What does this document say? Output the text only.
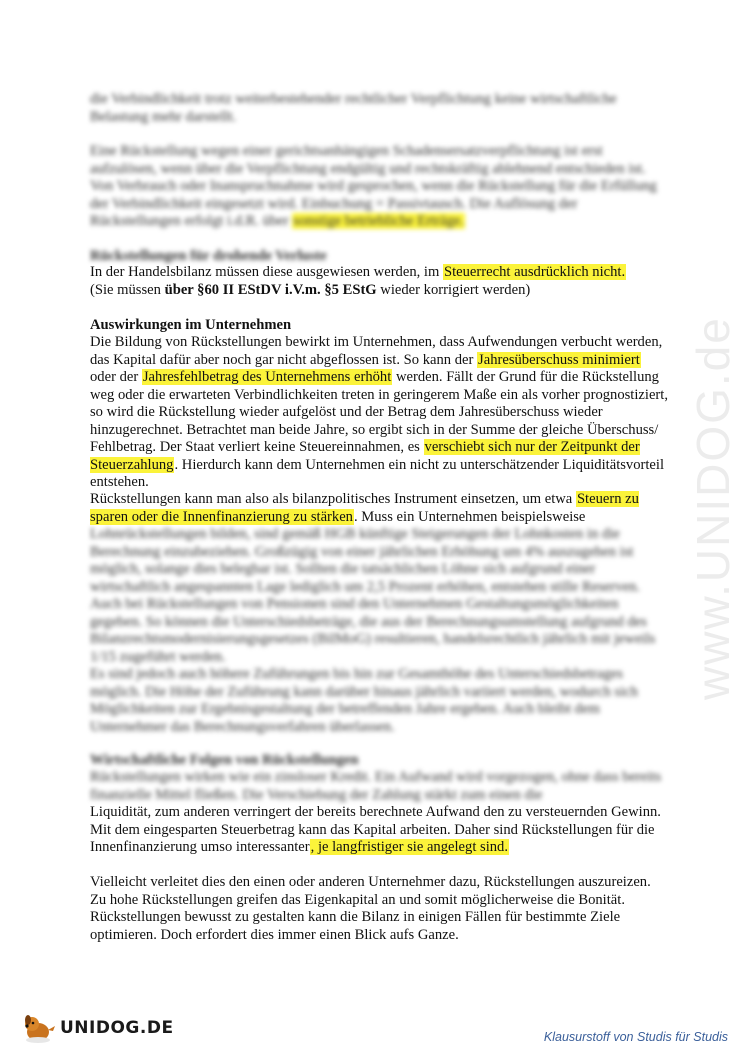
www.UNIDOG.de
die Verbindlichkeit trotz weiterbestehender rechtlicher Verpflichtung keine wirtschaftliche Belastung mehr darstellt.
Eine Rückstellung wegen einer gerichtsanhängigen Schadensersatzverpflichtung ist erst aufzulösen, wenn über die Verpflichtung endgültig und rechtskräftig ablehnend entschieden ist. Von Verbrauch oder Inanspruchnahme wird gesprochen, wenn die Rückstellung für die Erfüllung der Verbindlichkeit eingesetzt wird. Einbuchung = Passivtausch. Die Auflösung der Rückstellungen erfolgt i.d.R. über sonstige betriebliche Erträge.
Rückstellungen für drohende Verluste
In der Handelsbilanz müssen diese ausgewiesen werden, im Steuerrecht ausdrücklich nicht.
(Sie müssen über §60 II EStDV i.V.m. §5 EStG wieder korrigiert werden)
Auswirkungen im Unternehmen
Die Bildung von Rückstellungen bewirkt im Unternehmen, dass Aufwendungen verbucht werden, das Kapital dafür aber noch gar nicht abgeflossen ist. So kann der Jahresüberschuss minimiert oder der Jahresfehlbetrag des Unternehmens erhöht werden. Fällt der Grund für die Rückstellung weg oder die erwarteten Verbindlichkeiten treten in geringerem Maße ein als vorher prognostiziert, so wird die Rückstellung wieder aufgelöst und der Betrag dem Jahresüberschuss wieder hinzugerechnet. Betrachtet man beide Jahre, so ergibt sich in der Summe der gleiche Überschuss/ Fehlbetrag. Der Staat verliert keine Steuereinnahmen, es verschiebt sich nur der Zeitpunkt der Steuerzahlung. Hierdurch kann dem Unternehmen ein nicht zu unterschätzender Liquiditätsvorteil entstehen.
Rückstellungen kann man also als bilanzpolitisches Instrument einsetzen, um etwa Steuern zu sparen oder die Innenfinanzierung zu stärken. Muss ein Unternehmen beispielsweise
Lohnrückstellungen bilden, sind gemäß HGB künftige Steigerungen der Lohnkosten in die Berechnung einzubeziehen. Großzügig von einer jährlichen Erhöhung um 4% auszugehen ist möglich, solange dies belegbar ist. Sollten die tatsächlichen Löhne sich aufgrund einer wirtschaftlich angespannten Lage lediglich um 2,5 Prozent erhöhen, entstehen stille Reserven. Auch bei Rückstellungen von Pensionen sind den Unternehmen Gestaltungsmöglichkeiten gegeben. So können die Unterschiedsbeträge, die aus der Berechnungsumstellung aufgrund des Bilanzrechtsmodernisierungsgesetzes (BilMoG) resultieren, handelsrechtlich jährlich mit jeweils 1/15 zugeführt werden.
Es sind jedoch auch höhere Zuführungen bis hin zur Gesamthöhe des Unterschiedsbetrages möglich. Die Höhe der Zuführung kann darüber hinaus jährlich variiert werden, wodurch sich Möglichkeiten zur Ergebnisgestaltung der betreffenden Jahre ergeben. Auch bleibt dem Unternehmer das Berechnungsverfahren überlassen.
Wirtschaftliche Folgen von Rückstellungen
Rückstellungen wirken wie ein zinsloser Kredit. Ein Aufwand wird vorgezogen, ohne dass bereits finanzielle Mittel fließen. Die Verschiebung der Zahlung stärkt zum einen die
Liquidität, zum anderen verringert der bereits berechnete Aufwand den zu versteuernden Gewinn. Mit dem eingesparten Steuerbetrag kann das Kapital arbeiten. Daher sind Rückstellungen für die Innenfinanzierung umso interessanter, je langfristiger sie angelegt sind.
Vielleicht verleitet dies den einen oder anderen Unternehmer dazu, Rückstellungen auszureizen. Zu hohe Rückstellungen greifen das Eigenkapital an und somit möglicherweise die Bonität. Rückstellungen bewusst zu gestalten kann die Bilanz in einigen Fällen für bestimmte Ziele optimieren. Doch erfordert dies immer einen Blick aufs Ganze.
UNIDOG.DE	Klausurstoff von Studis für Studis
